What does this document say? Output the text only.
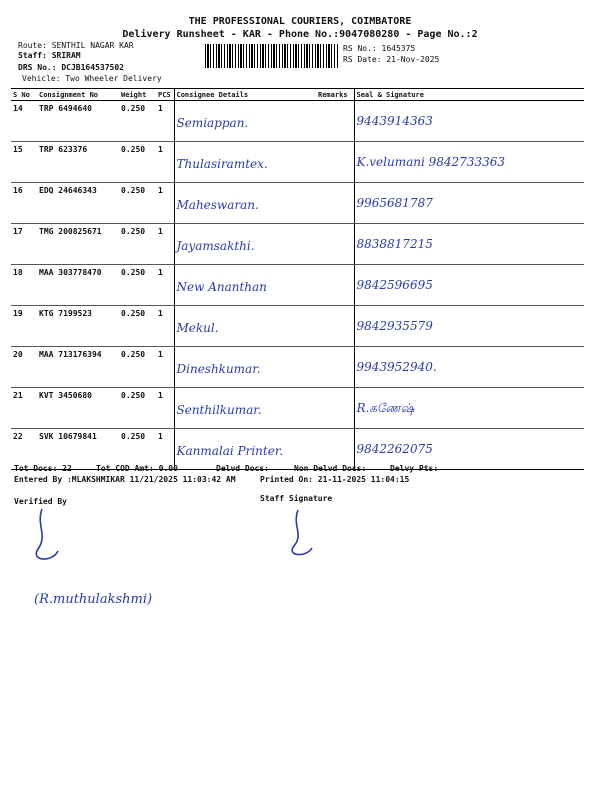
THE PROFESSIONAL COURIERS, COIMBATORE
Delivery Runsheet - KAR - Phone No.:9047080280 - Page No.:2
Route: SENTHIL NAGAR KAR
Staff: SRIRAM
DRS No.: DCJB164537502
Vehicle: Two Wheeler Delivery
RS No.: 1645375
RS Date: 21-Nov-2025
S No	Consignment No	Weight	PCS	Consignee Details	Remarks	Seal & Signature
14	TRP 6494640	0.250	1	Semiappan.		9443914363

15	TRP 623376	0.250	1	Thulasiramtex.		K.velumani 9842733363

16	EDQ 24646343	0.250	1	Maheswaran.		9965681787

17	TMG 200825671	0.250	1	Jayamsakthi.		8838817215

18	MAA 303778470	0.250	1	New Ananthan		9842596695

19	KTG 7199523	0.250	1	Mekul.		9842935579

20	MAA 713176394	0.250	1	Dineshkumar.		9943952940.

21	KVT 3450680	0.250	1	Senthilkumar.		R.கணேஷ்

22	SVK 10679841	0.250	1	Kanmalai Printer.		9842262075
Tot Docs: 22	Tot COD Amt: 0.00	Delvd Docs:	Non Delvd Docs:	Delvy Pts:
Entered By :MLAKSHMIKAR 11/21/2025 11:03:42 AM	Printed On: 21-11-2025 11:04:15
Verified By	Staff Signature
(R.muthulakshmi)
